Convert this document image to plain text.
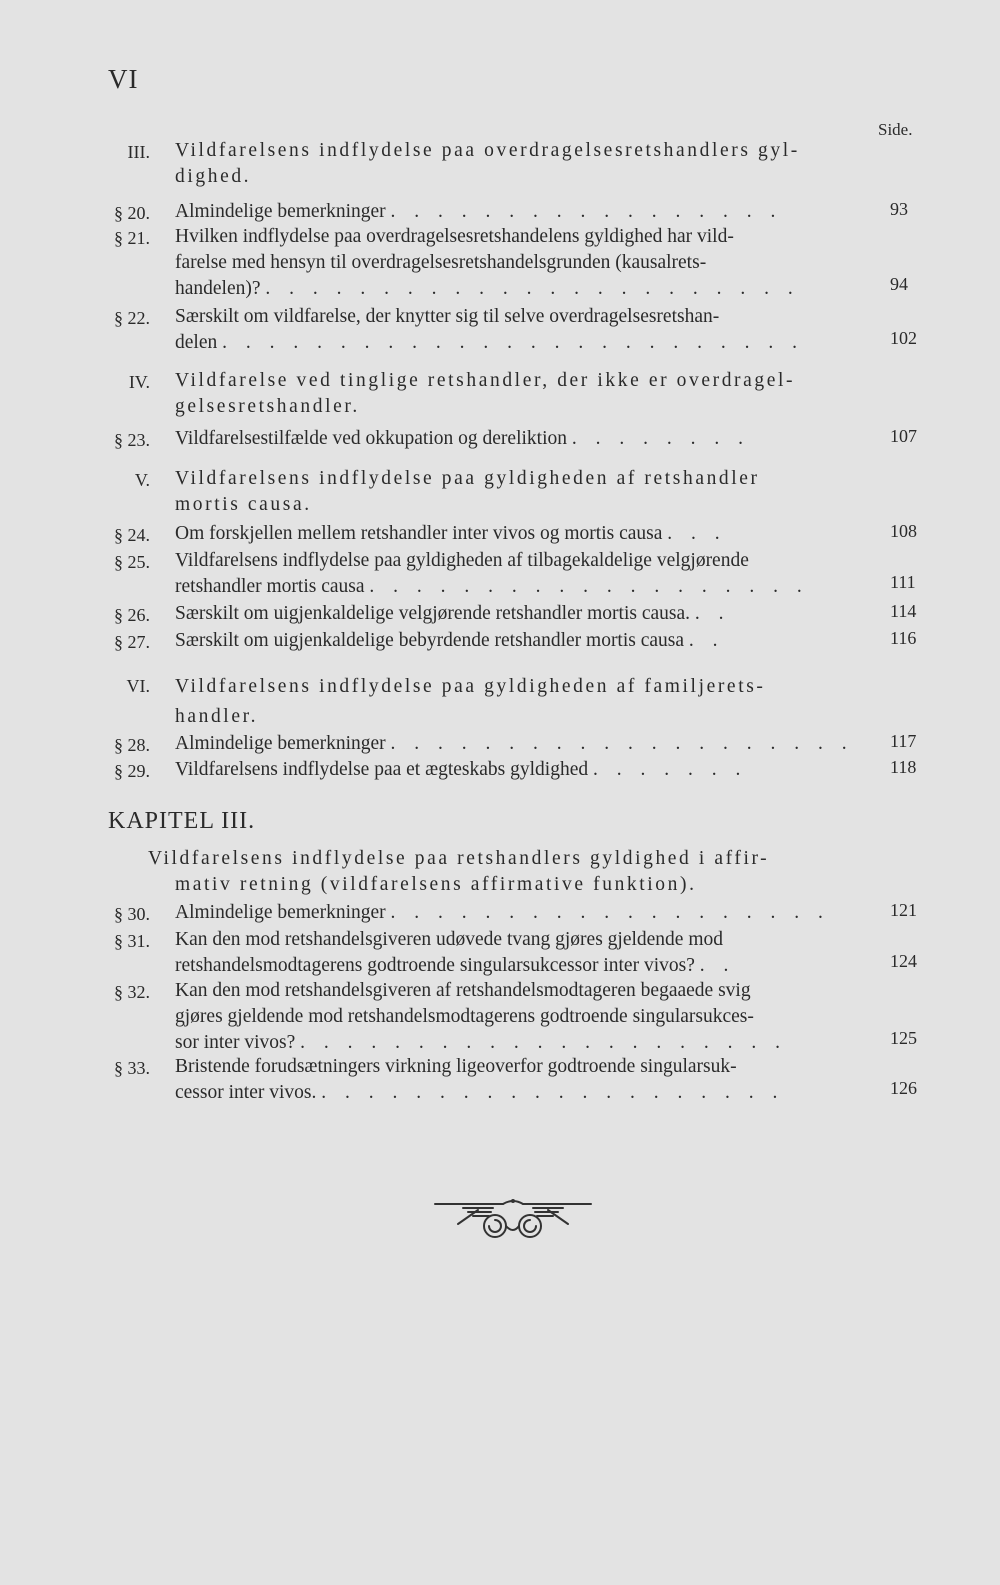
VI
Side.
III. Vildfarelsens indflydelse paa overdragelsesretshandlers gyl-
dighed.
§ 20. Almindelige bemerkninger . . . . . . . . . . . . . . . . .	93
§ 21. Hvilken indflydelse paa overdragelsesretshandelens gyldighed har vild-
farelse med hensyn til overdragelsesretshandelsgrunden (kausalrets-
handelen)? . . . . . . . . . . . . . . . . . . . . . . .	94
§ 22. Særskilt om vildfarelse, der knytter sig til selve overdragelsesretshan-
delen . . . . . . . . . . . . . . . . . . . . . . . . .	102
IV. Vildfarelse ved tinglige retshandler, der ikke er overdragel-
gelsesretshandler.
§ 23. Vildfarelsestilfælde ved okkupation og dereliktion . . . . . . . .	107
V. Vildfarelsens indflydelse paa gyldigheden af retshandler
mortis causa.
§ 24. Om forskjellen mellem retshandler inter vivos og mortis causa . . .	108
§ 25. Vildfarelsens indflydelse paa gyldigheden af tilbagekaldelige velgjørende
retshandler mortis causa . . . . . . . . . . . . . . . . . . .	111
§ 26. Særskilt om uigjenkaldelige velgjørende retshandler mortis causa. . .	114
§ 27. Særskilt om uigjenkaldelige bebyrdende retshandler mortis causa . .	116
VI. Vildfarelsens indflydelse paa gyldigheden af familjerets-
handler.
§ 28. Almindelige bemerkninger . . . . . . . . . . . . . . . . . . . .	117
§ 29. Vildfarelsens indflydelse paa et ægteskabs gyldighed . . . . . . .	118
KAPITEL III.
Vildfarelsens indflydelse paa retshandlers gyldighed i affir-
mativ retning (vildfarelsens affirmative funktion).
§ 30. Almindelige bemerkninger . . . . . . . . . . . . . . . . . . .	121
§ 31. Kan den mod retshandelsgiveren udøvede tvang gjøres gjeldende mod
retshandelsmodtagerens godtroende singularsukcessor inter vivos? . .	124
§ 32. Kan den mod retshandelsgiveren af retshandelsmodtageren begaaede svig
gjøres gjeldende mod retshandelsmodtagerens godtroende singularsukces-
sor inter vivos? . . . . . . . . . . . . . . . . . . . . .	125
§ 33. Bristende forudsætningers virkning ligeoverfor godtroende singularsuk-
cessor inter vivos. . . . . . . . . . . . . . . . . . . . .	126
